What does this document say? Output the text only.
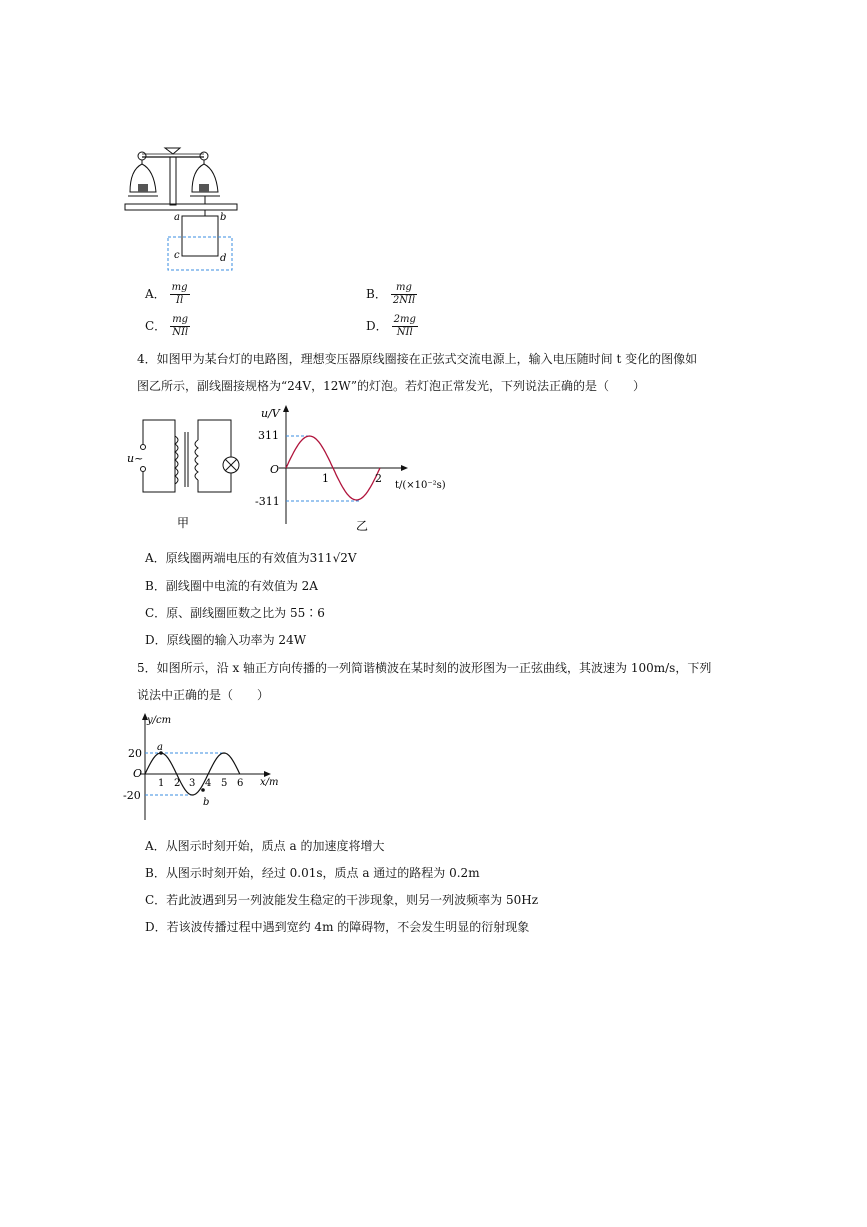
a	b
c	d
A． $\frac{mg}{Il}$	B． $\frac{mg}{\text{2NIl}}$
C． $\frac{mg}{\text{NIl}}$	D． $\frac{2mg}{\text{NIl}}$
4．如图甲为某台灯的电路图，理想变压器原线圈接在正弦式交流电源上，输入电压随时间 t 变化的图像如
图乙所示，副线圈接规格为“24V，12W”的灯泡。若灯泡正常发光，下列说法正确的是（　　）
u~
甲
311
-311
O
1	2
u/V
t/(×10⁻²s)
乙
A．原线圈两端电压的有效值为311√2V
B．副线圈中电流的有效值为 2A
C．原、副线圈匝数之比为 55∶6
D．原线圈的输入功率为 24W
5．如图所示，沿 x 轴正方向传播的一列简谐横波在某时刻的波形图为一正弦曲线，其波速为 100m/s，下列
说法中正确的是（　　）
a
b
y/cm
x/m
20
-20
O
1 2 3 4 5 6
A．从图示时刻开始，质点 a 的加速度将增大
B．从图示时刻开始，经过 0.01s，质点 a 通过的路程为 0.2m
C．若此波遇到另一列波能发生稳定的干涉现象，则另一列波频率为 50Hz
D．若该波传播过程中遇到宽约 4m 的障碍物，不会发生明显的衍射现象
